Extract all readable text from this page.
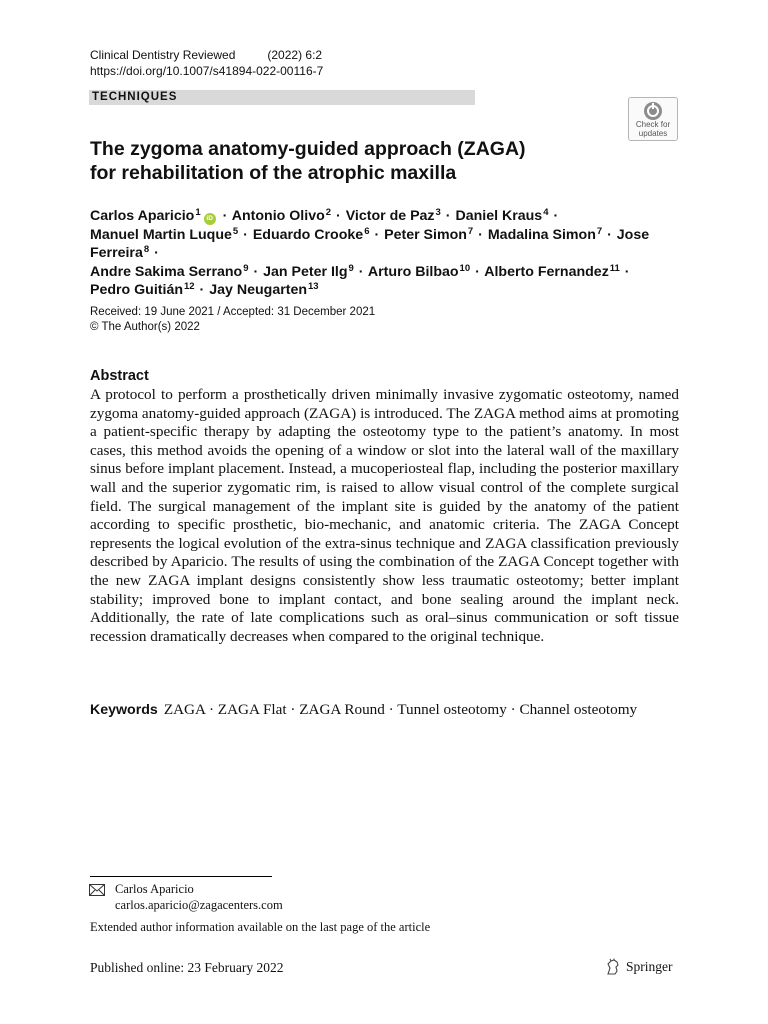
Clinical Dentistry Reviewed	(2022) 6:2
https://doi.org/10.1007/s41894-022-00116-7
TECHNIQUES
Check for
updates
The zygoma anatomy-guided approach (ZAGA)
for rehabilitation of the atrophic maxilla
Carlos Aparicio$^1$iD · Antonio Olivo$^2$ · Victor de Paz$^3$ · Daniel Kraus$^4$ ·
Manuel Martin Luque$^5$ · Eduardo Crooke$^6$ · Peter Simon$^7$ · Madalina Simon$^7$ · Jose Ferreira$^8$ ·
Andre Sakima Serrano$^9$ · Jan Peter Ilg$^9$ · Arturo Bilbao$^{10}$ · Alberto Fernandez$^{11}$ ·
Pedro Guitián$^{12}$ · Jay Neugarten$^{13}$
Received: 19 June 2021 / Accepted: 31 December 2021
© The Author(s) 2022
Abstract

A protocol to perform a prosthetically driven minimally invasive zygomatic osteotomy, named zygoma anatomy-guided approach (ZAGA) is introduced. The ZAGA method aims at promoting a patient-specific therapy by adapting the osteotomy type to the patient’s anatomy. In most cases, this method avoids the opening of a window or slot into the lateral wall of the maxillary sinus before implant placement. Instead, a mucoperiosteal flap, including the posterior maxillary wall and the superior zygomatic rim, is raised to allow visual control of the complete surgical field. The surgical management of the implant site is guided by the anatomy of the patient according to specific prosthetic, bio-mechanic, and anatomic criteria. The ZAGA Concept represents the logical evolution of the extra-sinus technique and ZAGA classification previously described by Aparicio. The results of using the combination of the ZAGA Concept together with the new ZAGA implant designs consistently show less traumatic osteotomy; better implant stability; improved bone to implant contact, and bone sealing around the implant neck. Additionally, the rate of late complications such as oral–sinus communication or soft tissue recession dramatically decreases when compared to the original technique.

Keywords ZAGA · ZAGA Flat · ZAGA Round · Tunnel osteotomy · Channel osteotomy
Carlos Aparicio
carlos.aparicio@zagacenters.com
Extended author information available on the last page of the article
Published online: 23 February 2022	Springer
